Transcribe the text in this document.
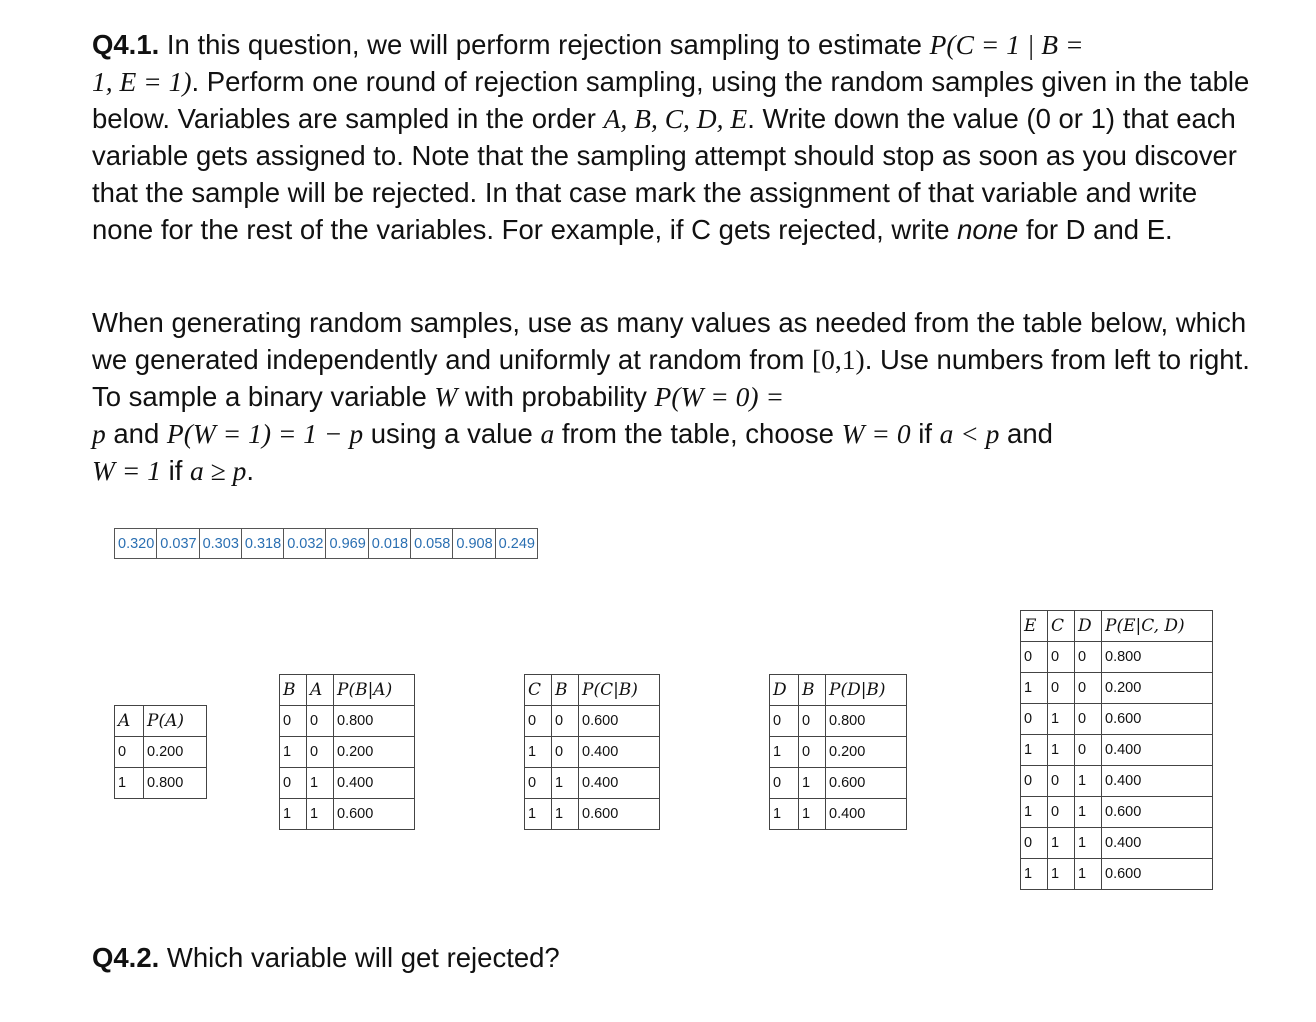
Q4.1. In this question, we will perform rejection sampling to estimate P(C = 1 | B =
1, E = 1). Perform one round of rejection sampling, using the random samples given in the table below. Variables are sampled in the order A, B, C, D, E. Write down the value (0 or 1) that each variable gets assigned to. Note that the sampling attempt should stop as soon as you discover that the sample will be rejected. In that case mark the assignment of that variable and write none for the rest of the variables. For example, if C gets rejected, write none for D and E.
When generating random samples, use as many values as needed from the table below, which we generated independently and uniformly at random from [0,1). Use numbers from left to right. To sample a binary variable W with probability P(W = 0) =
p and P(W = 1) = 1 − p using a value a from the table, choose W = 0 if a < p and
W = 1 if a ≥ p.
0.320	0.037	0.303	0.318	0.032	0.969	0.018	0.058	0.908	0.249
A	P(A)
0	0.200
1	0.800
B	A	P(B|A)
0	0	0.800
1	0	0.200
0	1	0.400
1	1	0.600
C	B	P(C|B)
0	0	0.600
1	0	0.400
0	1	0.400
1	1	0.600
D	B	P(D|B)
0	0	0.800
1	0	0.200
0	1	0.600
1	1	0.400
E	C	D	P(E|C, D)
0	0	0	0.800
1	0	0	0.200
0	1	0	0.600
1	1	0	0.400
0	0	1	0.400
1	0	1	0.600
0	1	1	0.400
1	1	1	0.600
Q4.2. Which variable will get rejected?
